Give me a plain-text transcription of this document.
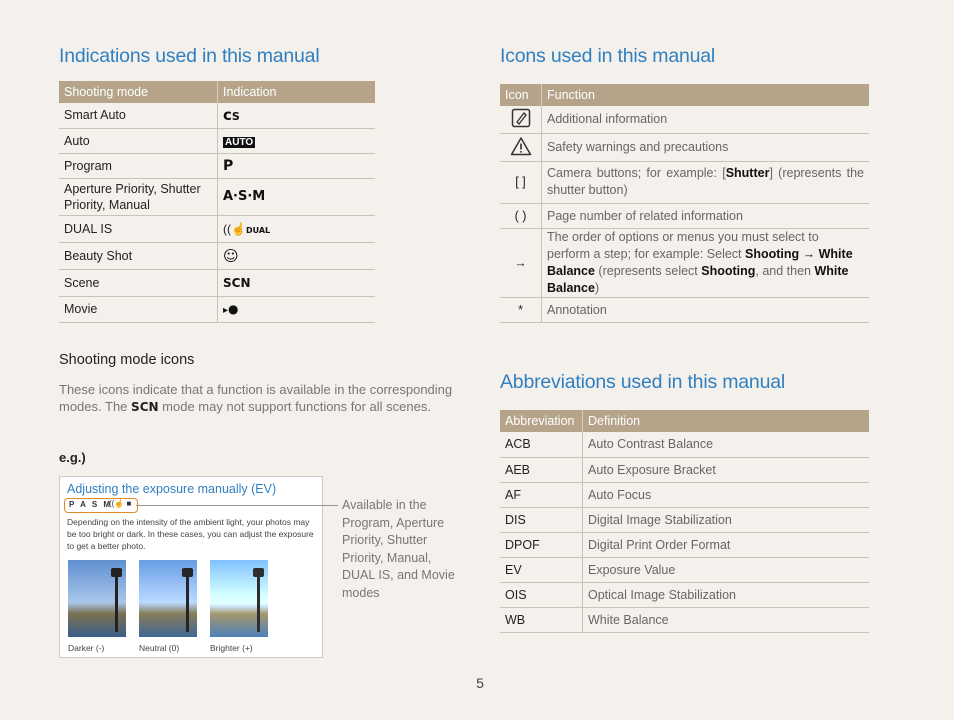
Indications used in this manual
Shooting mode	Indication
Smart Auto	ᴄS
Auto	AUTO
Program	P
Aperture Priority, Shutter Priority, Manual	A·S·M
DUAL IS	((☝DUAL
Beauty Shot	☺
Scene	SCN
Movie	▸●
Shooting mode icons
These icons indicate that a function is available in the corresponding modes. The SCN mode may not support functions for all scenes.
e.g.)
Adjusting the exposure manually (EV)
P A S M
((☝ ■
Depending on the intensity of the ambient light, your photos may be too bright or dark. In these cases, you can adjust the exposure to get a better photo.
Darker (-)	Neutral (0)	Brighter (+)
Available in the Program, Aperture Priority, Shutter Priority, Manual, DUAL IS, and Movie modes
Icons used in this manual
Icon	Function
	Additional information
	Safety warnings and precautions
[ ]	Camera buttons; for example: [Shutter] (represents the shutter button)
( )	Page number of related information
→	The order of options or menus you must select to perform a step; for example: Select Shooting → White Balance (represents select Shooting, and then White Balance)
*	Annotation
Abbreviations used in this manual
Abbreviation	Definition
ACB	Auto Contrast Balance
AEB	Auto Exposure Bracket
AF	Auto Focus
DIS	Digital Image Stabilization
DPOF	Digital Print Order Format
EV	Exposure Value
OIS	Optical Image Stabilization
WB	White Balance
5
